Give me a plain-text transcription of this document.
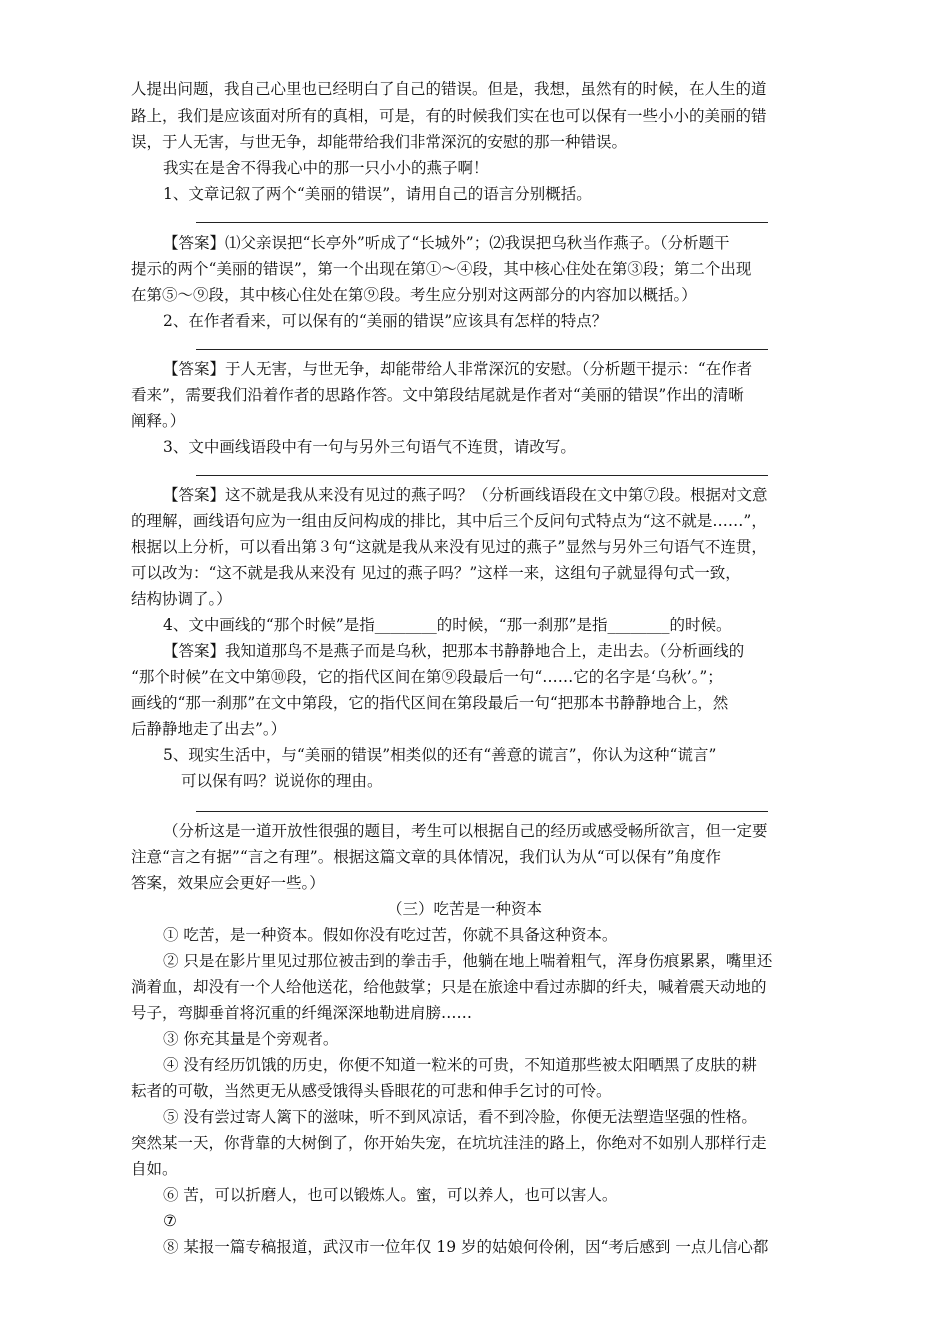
人提出问题，我自己心里也已经明白了自己的错误。但是，我想，虽然有的时候，在人生的道
路上，我们是应该面对所有的真相，可是，有的时候我们实在也可以保有一些小小的美丽的错
误，于人无害，与世无争，却能带给我们非常深沉的安慰的那一种错误。
我实在是舍不得我心中的那一只小小的燕子啊！
1、文章记叙了两个“美丽的错误”，请用自己的语言分别概括。
【答案】⑴父亲误把“长亭外”听成了“长城外”；⑵我误把乌秋当作燕子。（分析题干
提示的两个“美丽的错误”，第一个出现在第①～④段，其中核心住处在第③段；第二个出现
在第⑤～⑨段，其中核心住处在第⑨段。考生应分别对这两部分的内容加以概括。）
2、在作者看来，可以保有的“美丽的错误”应该具有怎样的特点？
【答案】于人无害，与世无争，却能带给人非常深沉的安慰。（分析题干提示：“在作者
看来”，需要我们沿着作者的思路作答。文中第段结尾就是作者对“美丽的错误”作出的清晰
阐释。）
3、文中画线语段中有一句与另外三句语气不连贯，请改写。
【答案】这不就是我从来没有见过的燕子吗？（分析画线语段在文中第⑦段。根据对文意
的理解，画线语句应为一组由反问构成的排比，其中后三个反问句式特点为“这不就是……”，
根据以上分析，可以看出第３句“这就是我从来没有见过的燕子”显然与另外三句语气不连贯，
可以改为：“这不就是我从来没有 见过的燕子吗？”这样一来，这组句子就显得句式一致，
结构协调了。）
4、文中画线的“那个时候”是指________的时候，“那一刹那”是指________的时候。
【答案】我知道那鸟不是燕子而是乌秋，把那本书静静地合上，走出去。（分析画线的
“那个时候”在文中第⑩段，它的指代区间在第⑨段最后一句“……它的名字是‘乌秋’。”；
画线的“那一刹那”在文中第段，它的指代区间在第段最后一句“把那本书静静地合上，然
后静静地走了出去”。）
5、现实生活中，与“美丽的错误”相类似的还有“善意的谎言”，你认为这种“谎言”
可以保有吗？说说你的理由。
（分析这是一道开放性很强的题目，考生可以根据自己的经历或感受畅所欲言，但一定要
注意“言之有据”“言之有理”。根据这篇文章的具体情况，我们认为从“可以保有”角度作
答案，效果应会更好一些。）
（三）吃苦是一种资本
① 吃苦，是一种资本。假如你没有吃过苦，你就不具备这种资本。
② 只是在影片里见过那位被击到的拳击手，他躺在地上喘着粗气，浑身伤痕累累，嘴里还
淌着血，却没有一个人给他送花，给他鼓掌；只是在旅途中看过赤脚的纤夫，喊着震天动地的
号子，弯脚垂首将沉重的纤绳深深地勒进肩膀……
③ 你充其量是个旁观者。
④ 没有经历饥饿的历史，你便不知道一粒米的可贵，不知道那些被太阳晒黑了皮肤的耕
耘者的可敬，当然更无从感受饿得头昏眼花的可悲和伸手乞讨的可怜。
⑤ 没有尝过寄人篱下的滋味，听不到风凉话，看不到冷脸，你便无法塑造坚强的性格。
突然某一天，你背靠的大树倒了，你开始失宠，在坑坑洼洼的路上，你绝对不如别人那样行走
自如。
⑥ 苦，可以折磨人，也可以锻炼人。蜜，可以养人，也可以害人。
⑦
⑧ 某报一篇专稿报道，武汉市一位年仅 19 岁的姑娘何伶俐，因“考后感到 一点儿信心都
